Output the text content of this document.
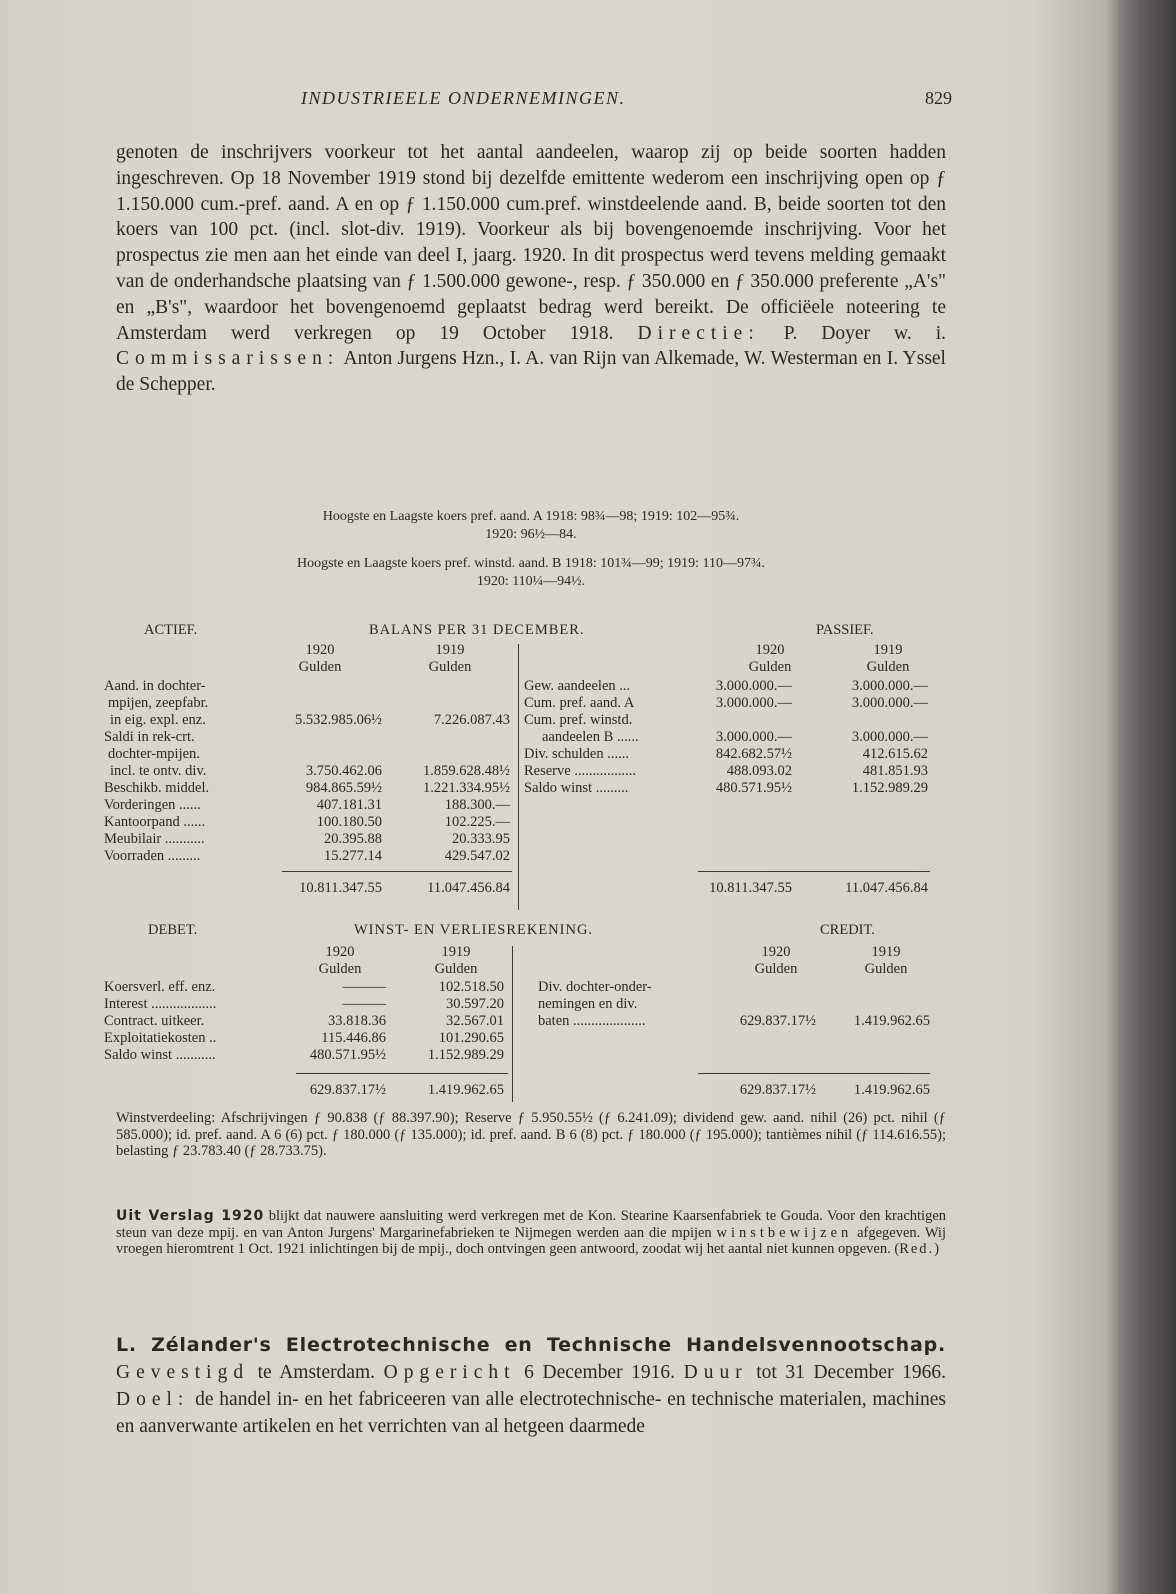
INDUSTRIEELE ONDERNEMINGEN.	829
genoten de inschrijvers voorkeur tot het aantal aandeelen, waarop zij op beide soorten hadden ingeschreven. Op 18 November 1919 stond bij dezelfde emittente wederom een inschrijving open op ƒ 1.150.000 cum.-pref. aand. A en op ƒ 1.150.000 cum.pref. winstdeelende aand. B, beide soorten tot den koers van 100 pct. (incl. slot-div. 1919). Voorkeur als bij bovengenoemde inschrijving. Voor het prospectus zie men aan het einde van deel I, jaarg. 1920. In dit prospectus werd tevens melding gemaakt van de onderhandsche plaatsing van ƒ 1.500.000 gewone-, resp. ƒ 350.000 en ƒ 350.000 preferente „A's" en „B's", waardoor het bovengenoemd geplaatst bedrag werd bereikt. De officiëele noteering te Amsterdam werd verkregen op 19 October 1918. Directie: P. Doyer w. i. Commissarissen: Anton Jurgens Hzn., I. A. van Rijn van Alkemade, W. Westerman en I. Yssel de Schepper.
Hoogste en Laagste koers pref. aand. A 1918: 98¾—98; 1919: 102—95¾.
1920: 96½—84.
Hoogste en Laagste koers pref. winstd. aand. B 1918: 101¾—99; 1919: 110—97¾.
1920: 110¼—94½.
ACTIEF.	BALANS PER 31 DECEMBER.	PASSIEF.
1920	1919
Gulden	Gulden
1920	1919
Gulden	Gulden
Aand. in dochter-
mpijen, zeepfabr.
in eig. expl. enz.	5.532.985.06½	7.226.087.43
Saldi in rek-crt.
dochter-mpijen.
incl. te ontv. div.	3.750.462.06	1.859.628.48½
Beschikb. middel.	984.865.59½	1.221.334.95½
Vorderingen ......	407.181.31	188.300.—
Kantoorpand ......	100.180.50	102.225.—
Meubilair ...........	20.395.88	20.333.95
Voorraden .........	15.277.14	429.547.02
Gew. aandeelen ...	3.000.000.—	3.000.000.—
Cum. pref. aand. A	3.000.000.—	3.000.000.—
Cum. pref. winstd.
aandeelen B ......	3.000.000.—	3.000.000.—
Div. schulden ......	842.682.57½	412.615.62
Reserve .................	488.093.02	481.851.93
Saldo winst .........	480.571.95½	1.152.989.29
10.811.347.55	11.047.456.84	10.811.347.55	11.047.456.84
DEBET.	WINST- EN VERLIESREKENING.	CREDIT.
1920	1919
Gulden	Gulden
1920	1919
Gulden	Gulden
Koersverl. eff. enz.	———	102.518.50
Interest ..................	———	30.597.20
Contract. uitkeer.	33.818.36	32.567.01
Exploitatiekosten ..	115.446.86	101.290.65
Saldo winst ...........	480.571.95½	1.152.989.29
Div. dochter-onder-
nemingen en div.
baten ....................	629.837.17½	1.419.962.65
629.837.17½	1.419.962.65	629.837.17½	1.419.962.65
Winstverdeeling: Afschrijvingen ƒ 90.838 (ƒ 88.397.90); Reserve ƒ 5.950.55½ (ƒ 6.241.09); dividend gew. aand. nihil (26) pct. nihil (ƒ 585.000); id. pref. aand. A 6 (6) pct. ƒ 180.000 (ƒ 135.000); id. pref. aand. B 6 (8) pct. ƒ 180.000 (ƒ 195.000); tantièmes nihil (ƒ 114.616.55); belasting ƒ 23.783.40 (ƒ 28.733.75).
Uit Verslag 1920 blijkt dat nauwere aansluiting werd verkregen met de Kon. Stearine Kaarsenfabriek te Gouda. Voor den krachtigen steun van deze mpij. en van Anton Jurgens' Margarinefabrieken te Nijmegen werden aan die mpijen winstbewijzen afgegeven. Wij vroegen hieromtrent 1 Oct. 1921 inlichtingen bij de mpij., doch ontvingen geen antwoord, zoodat wij het aantal niet kunnen opgeven. (Red.)
L. Zélander's Electrotechnische en Technische Handelsvennootschap. Gevestigd te Amsterdam. Opgericht 6 December 1916. Duur tot 31 December 1966. Doel: de handel in- en het fabriceeren van alle electrotechnische- en technische materialen, machines en aanverwante artikelen en het verrichten van al hetgeen daarmede
